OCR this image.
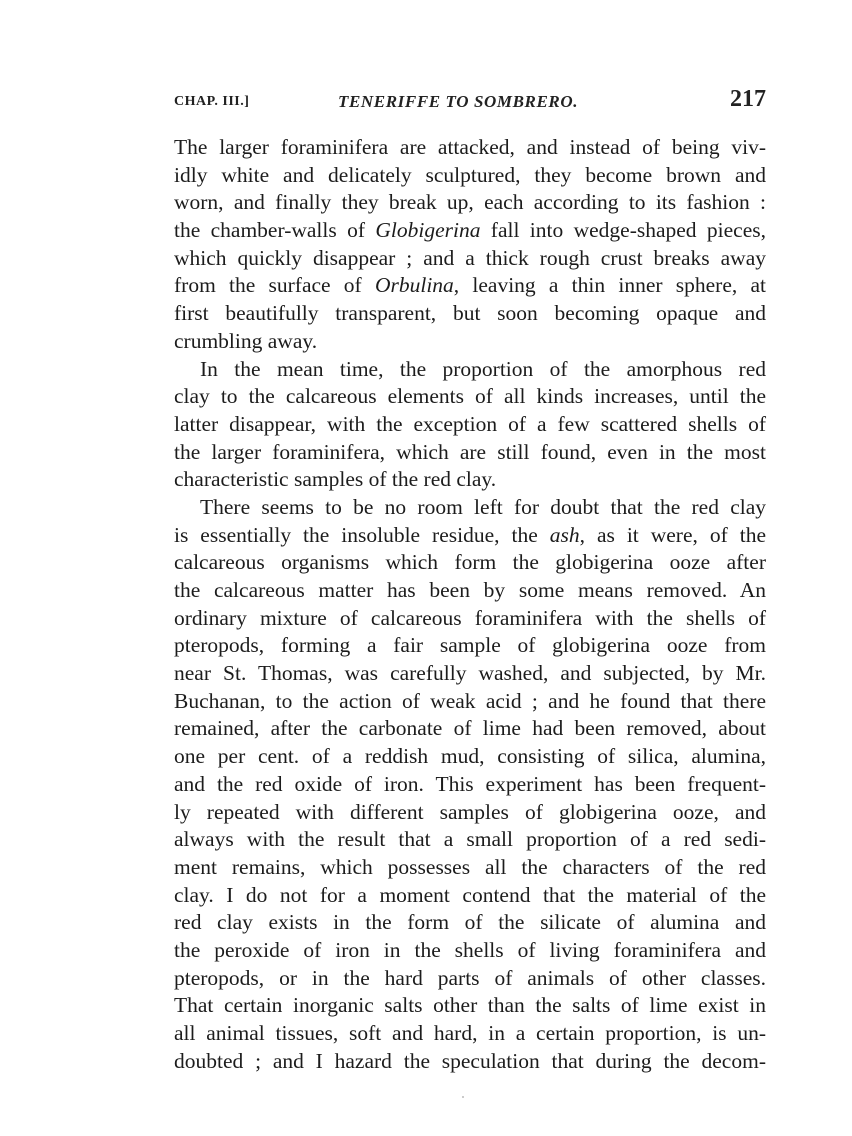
CHAP. III.]	TENERIFFE TO SOMBRERO.	217
The larger foraminifera are attacked, and instead of being viv-
idly white and delicately sculptured, they become brown and
worn, and finally they break up, each according to its fashion :
the chamber-walls of Globigerina fall into wedge-shaped pieces,
which quickly disappear ; and a thick rough crust breaks away
from the surface of Orbulina, leaving a thin inner sphere, at
first beautifully transparent, but soon becoming opaque and
crumbling away.
In the mean time, the proportion of the amorphous red
clay to the calcareous elements of all kinds increases, until the
latter disappear, with the exception of a few scattered shells of
the larger foraminifera, which are still found, even in the most
characteristic samples of the red clay.
There seems to be no room left for doubt that the red clay
is essentially the insoluble residue, the ash, as it were, of the
calcareous organisms which form the globigerina ooze after
the calcareous matter has been by some means removed. An
ordinary mixture of calcareous foraminifera with the shells of
pteropods, forming a fair sample of globigerina ooze from
near St. Thomas, was carefully washed, and subjected, by Mr.
Buchanan, to the action of weak acid ; and he found that there
remained, after the carbonate of lime had been removed, about
one per cent. of a reddish mud, consisting of silica, alumina,
and the red oxide of iron. This experiment has been frequent-
ly repeated with different samples of globigerina ooze, and
always with the result that a small proportion of a red sedi-
ment remains, which possesses all the characters of the red
clay. I do not for a moment contend that the material of the
red clay exists in the form of the silicate of alumina and
the peroxide of iron in the shells of living foraminifera and
pteropods, or in the hard parts of animals of other classes.
That certain inorganic salts other than the salts of lime exist in
all animal tissues, soft and hard, in a certain proportion, is un-
doubted ; and I hazard the speculation that during the decom-
